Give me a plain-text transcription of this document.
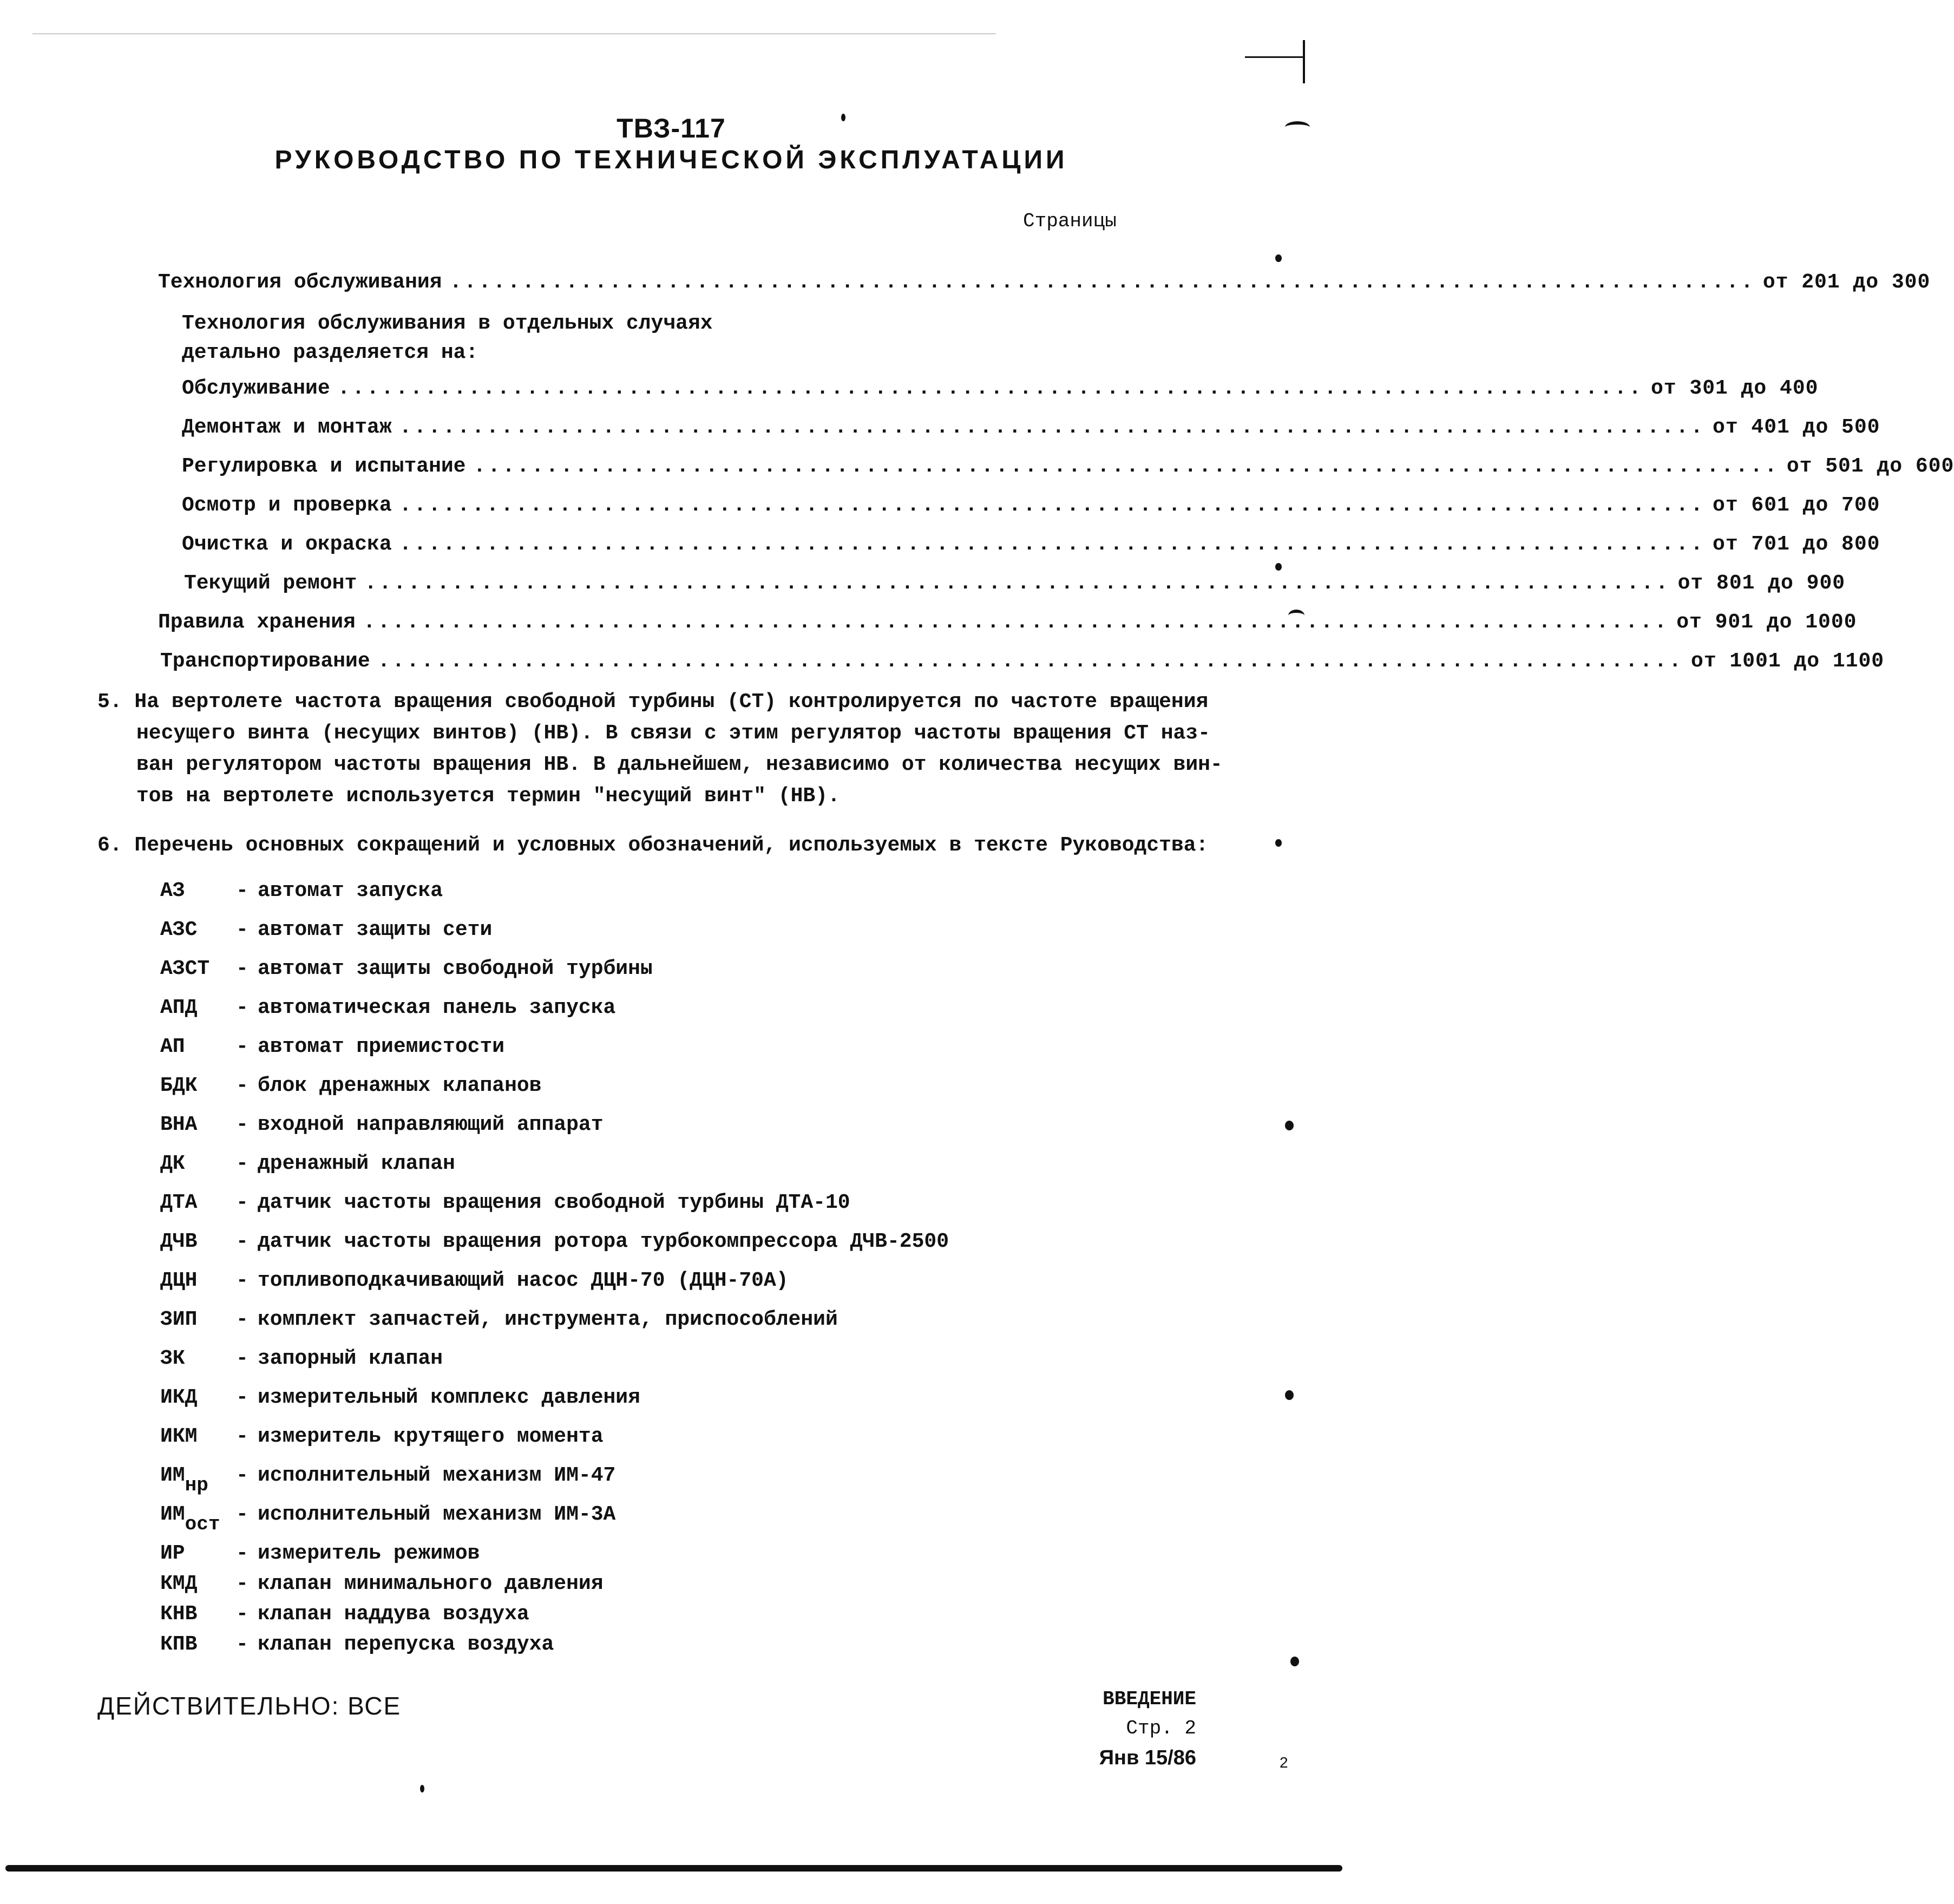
ТВЗ-117
РУКОВОДСТВО ПО ТЕХНИЧЕСКОЙ ЭКСПЛУАТАЦИИ
Страницы
Технология обслуживания .......................................................................................... от 201 до 300
Технология обслуживания в отдельных случаях
детально разделяется на:
Обслуживание .......................................................................................... от 301 до 400
Демонтаж и монтаж .......................................................................................... от 401 до 500
Регулировка и испытание .......................................................................................... от 501 до 600
Осмотр и проверка .......................................................................................... от 601 до 700
Очистка и окраска .......................................................................................... от 701 до 800
Текущий ремонт .......................................................................................... от 801 до 900
Правила хранения .......................................................................................... от 901 до 1000
Транспортирование .......................................................................................... от 1001 до 1100
5. На вертолете частота вращения свободной турбины (СТ) контролируется по частоте вращения
несущего винта (несущих винтов) (НВ). В связи с этим регулятор частоты вращения СТ наз-
ван регулятором частоты вращения НВ. В дальнейшем, независимо от количества несущих вин-
тов на вертолете используется термин "несущий винт" (НВ).
6. Перечень основных сокращений и условных обозначений, используемых в тексте Руководства:
АЗ - автомат запуска
АЗС - автомат защиты сети
АЗСТ - автомат защиты свободной турбины
АПД - автоматическая панель запуска
АП - автомат приемистости
БДК - блок дренажных клапанов
ВНА - входной направляющий аппарат
ДК - дренажный клапан
ДТА - датчик частоты вращения свободной турбины ДТА-10
ДЧВ - датчик частоты вращения ротора турбокомпрессора ДЧВ-2500
ДЦН - топливоподкачивающий насос ДЦН-70 (ДЦН-70А)
ЗИП - комплект запчастей, инструмента, приспособлений
ЗК - запорный клапан
ИКД - измерительный комплекс давления
ИКМ - измеритель крутящего момента
$ИМ_{нр}$ - исполнительный механизм ИМ-47
$ИМ_{ост}$ - исполнительный механизм ИМ-3А
ИР - измеритель режимов
КМД - клапан минимального давления
КНВ - клапан наддува воздуха
КПВ - клапан перепуска воздуха
ДЕЙСТВИТЕЛЬНО: ВСЕ	ВВЕДЕНИЕ
Стр. 2
Янв 15/86	2
